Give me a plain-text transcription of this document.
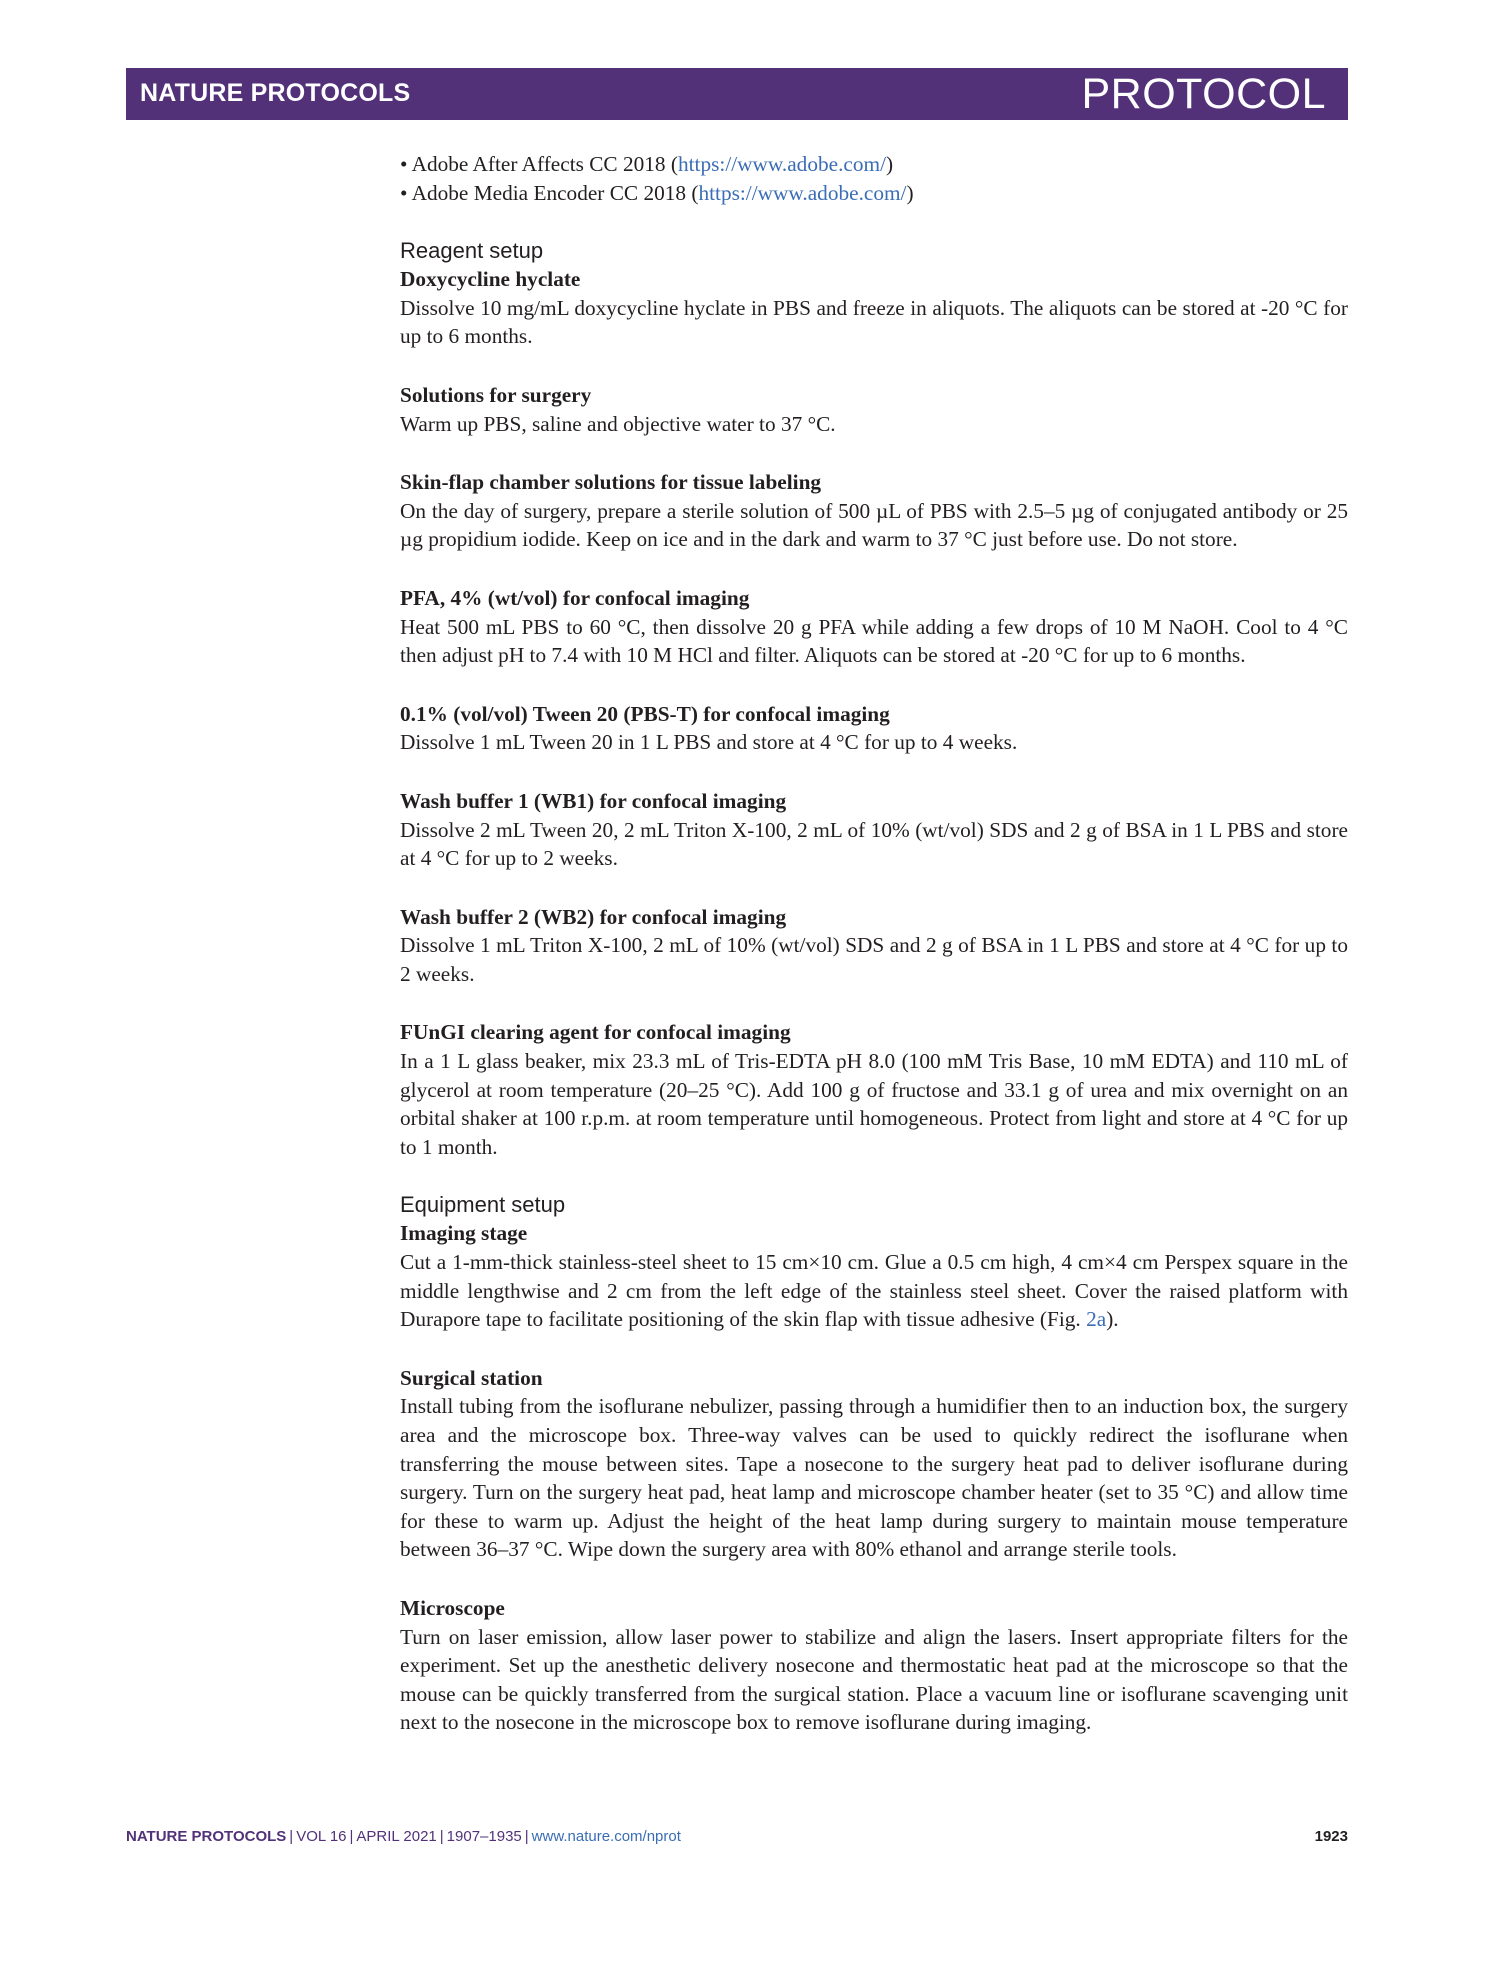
NATURE PROTOCOLS	PROTOCOL
• Adobe After Affects CC 2018 (https://www.adobe.com/)
• Adobe Media Encoder CC 2018 (https://www.adobe.com/)
Reagent setup

Doxycycline hyclate

Dissolve 10 mg/mL doxycycline hyclate in PBS and freeze in aliquots. The aliquots can be stored at -20 °C for up to 6 months.

Solutions for surgery

Warm up PBS, saline and objective water to 37 °C.

Skin-flap chamber solutions for tissue labeling

On the day of surgery, prepare a sterile solution of 500 µL of PBS with 2.5–5 µg of conjugated antibody or 25 µg propidium iodide. Keep on ice and in the dark and warm to 37 °C just before use. Do not store.

PFA, 4% (wt/vol) for confocal imaging

Heat 500 mL PBS to 60 °C, then dissolve 20 g PFA while adding a few drops of 10 M NaOH. Cool to 4 °C then adjust pH to 7.4 with 10 M HCl and filter. Aliquots can be stored at -20 °C for up to 6 months.

0.1% (vol/vol) Tween 20 (PBS-T) for confocal imaging

Dissolve 1 mL Tween 20 in 1 L PBS and store at 4 °C for up to 4 weeks.

Wash buffer 1 (WB1) for confocal imaging

Dissolve 2 mL Tween 20, 2 mL Triton X-100, 2 mL of 10% (wt/vol) SDS and 2 g of BSA in 1 L PBS and store at 4 °C for up to 2 weeks.

Wash buffer 2 (WB2) for confocal imaging

Dissolve 1 mL Triton X-100, 2 mL of 10% (wt/vol) SDS and 2 g of BSA in 1 L PBS and store at 4 °C for up to 2 weeks.

FUnGI clearing agent for confocal imaging

In a 1 L glass beaker, mix 23.3 mL of Tris-EDTA pH 8.0 (100 mM Tris Base, 10 mM EDTA) and 110 mL of glycerol at room temperature (20–25 °C). Add 100 g of fructose and 33.1 g of urea and mix overnight on an orbital shaker at 100 r.p.m. at room temperature until homogeneous. Protect from light and store at 4 °C for up to 1 month.

Equipment setup

Imaging stage

Cut a 1-mm-thick stainless-steel sheet to 15 cm×10 cm. Glue a 0.5 cm high, 4 cm×4 cm Perspex square in the middle lengthwise and 2 cm from the left edge of the stainless steel sheet. Cover the raised platform with Durapore tape to facilitate positioning of the skin flap with tissue adhesive (Fig. 2a).

Surgical station

Install tubing from the isoflurane nebulizer, passing through a humidifier then to an induction box, the surgery area and the microscope box. Three-way valves can be used to quickly redirect the isoflurane when transferring the mouse between sites. Tape a nosecone to the surgery heat pad to deliver isoflurane during surgery. Turn on the surgery heat pad, heat lamp and microscope chamber heater (set to 35 °C) and allow time for these to warm up. Adjust the height of the heat lamp during surgery to maintain mouse temperature between 36–37 °C. Wipe down the surgery area with 80% ethanol and arrange sterile tools.

Microscope

Turn on laser emission, allow laser power to stabilize and align the lasers. Insert appropriate filters for the experiment. Set up the anesthetic delivery nosecone and thermostatic heat pad at the microscope so that the mouse can be quickly transferred from the surgical station. Place a vacuum line or isoflurane scavenging unit next to the nosecone in the microscope box to remove isoflurane during imaging.

NATURE PROTOCOLS | VOL 16 | APRIL 2021 | 1907–1935 | www.nature.com/nprot	1923
